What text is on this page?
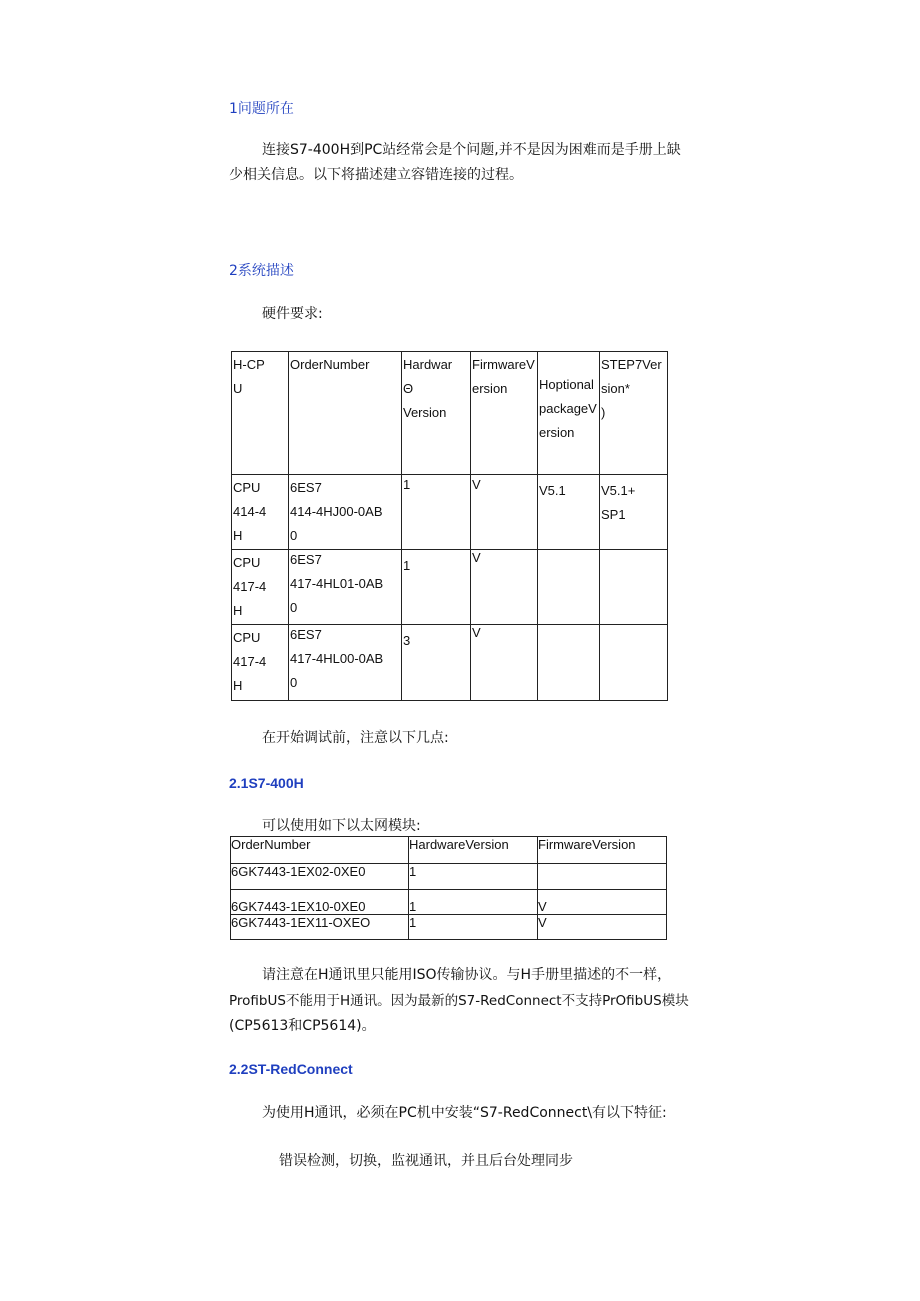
1问题所在
连接S7-400H到PC站经常会是个问题,并不是因为困难而是手册上缺
少相关信息。以下将描述建立容错连接的过程。
2系统描述
硬件要求:
H-CP
U	OrderNumber	Hardwar
Θ
Version	FirmwareV
ersion	Hoptional
packageV
ersion	STEP7Ver
sion*
)

CPU
414-4
H	6ES7
414-4HJ00-0AB
0	1	V	V5.1	V5.1+
SP1

CPU
417-4
H	6ES7
417-4HL01-0AB
0	1	V		

CPU
417-4
H	6ES7
417-4HL00-0AB
0	3	V		

在开始调试前，注意以下几点:
2.1S7-400H
可以使用如下以太网模块:
OrderNumber	HardwareVersion	FirmwareVersion
6GK7443-1EX02-0XE0	1	
6GK7443-1EX10-0XE0	1	V
6GK7443-1EX11-OXEO	1	V
请注意在H通讯里只能用ISO传输协议。与H手册里描述的不一样，
ProfibUS不能用于H通讯。因为最新的S7-RedConnect不支持PrOfibUS模块
(CP5613和CP5614)。
2.2ST-RedConnect
为使用H通讯，必须在PC机中安装“S7-RedConnect\有以下特征:
错误检测，切换，监视通讯，并且后台处理同步
